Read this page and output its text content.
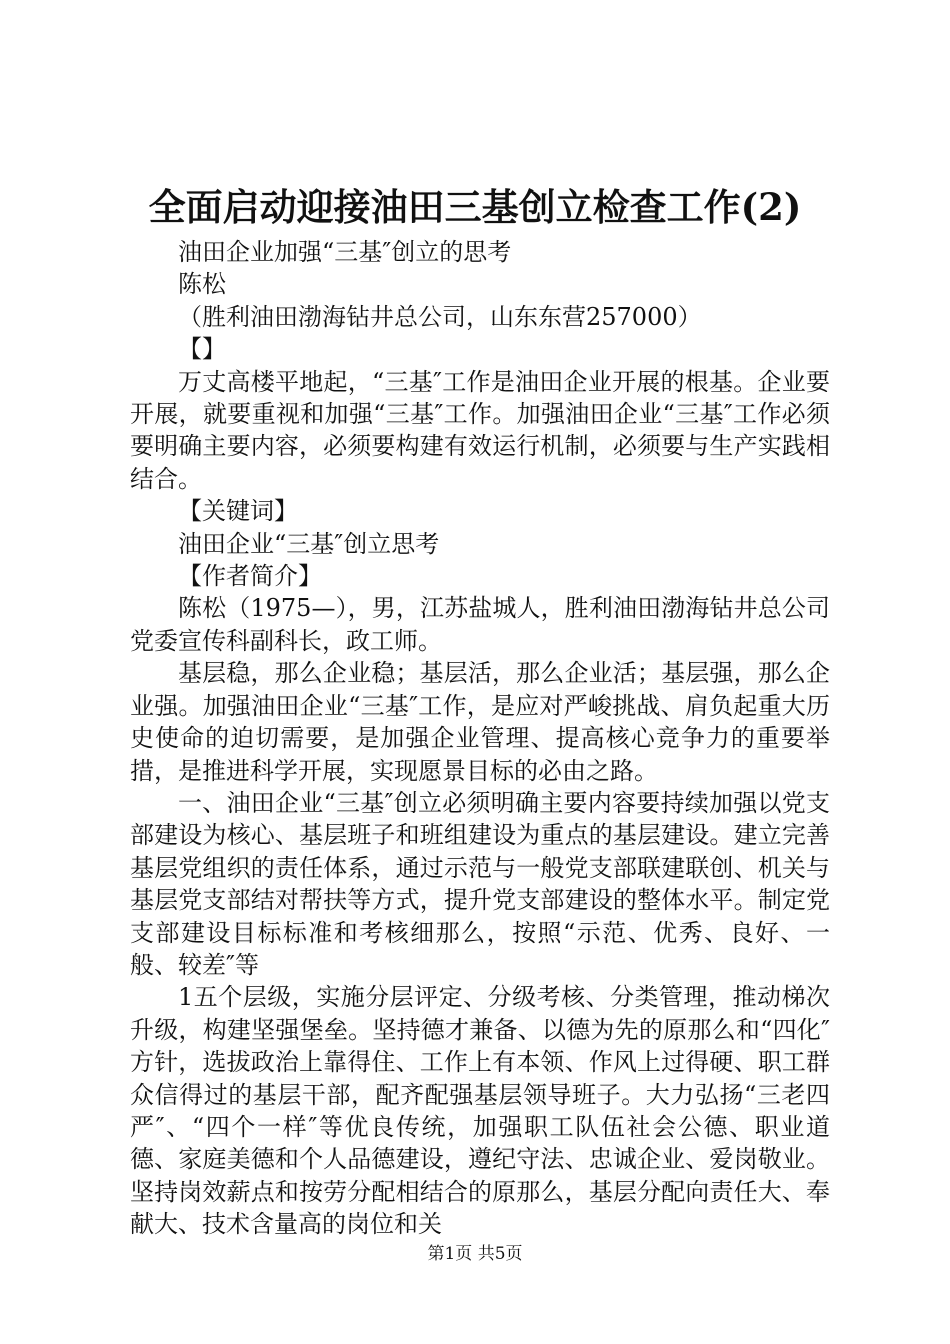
全面启动迎接油田三基创立检查工作(2)

油田企业加强“三基″创立的思考

陈松

（胜利油田渤海钻井总公司，山东东营257000）

【】

万丈高楼平地起，“三基″工作是油田企业开展的根基。企业要开展，就要重视和加强“三基″工作。加强油田企业“三基″工作必须要明确主要内容，必须要构建有效运行机制，必须要与生产实践相结合。

【关键词】

油田企业“三基″创立思考

【作者简介】

陈松（1975—），男，江苏盐城人，胜利油田渤海钻井总公司党委宣传科副科长，政工师。

基层稳，那么企业稳；基层活，那么企业活；基层强，那么企业强。加强油田企业“三基″工作，是应对严峻挑战、肩负起重大历史使命的迫切需要，是加强企业管理、提高核心竞争力的重要举措，是推进科学开展，实现愿景目标的必由之路。

一、油田企业“三基″创立必须明确主要内容要持续加强以党支部建设为核心、基层班子和班组建设为重点的基层建设。建立完善基层党组织的责任体系，通过示范与一般党支部联建联创、机关与基层党支部结对帮扶等方式，提升党支部建设的整体水平。制定党支部建设目标标准和考核细那么，按照“示范、优秀、良好、一般、较差″等

1五个层级，实施分层评定、分级考核、分类管理，推动梯次升级，构建坚强堡垒。坚持德才兼备、以德为先的原那么和“四化″方针，选拔政治上靠得住、工作上有本领、作风上过得硬、职工群众信得过的基层干部，配齐配强基层领导班子。大力弘扬“三老四严″、“四个一样″等优良传统，加强职工队伍社会公德、职业道德、家庭美德和个人品德建设，遵纪守法、忠诚企业、爱岗敬业。坚持岗效薪点和按劳分配相结合的原那么，基层分配向责任大、奉献大、技术含量高的岗位和关

第1页 共5页
